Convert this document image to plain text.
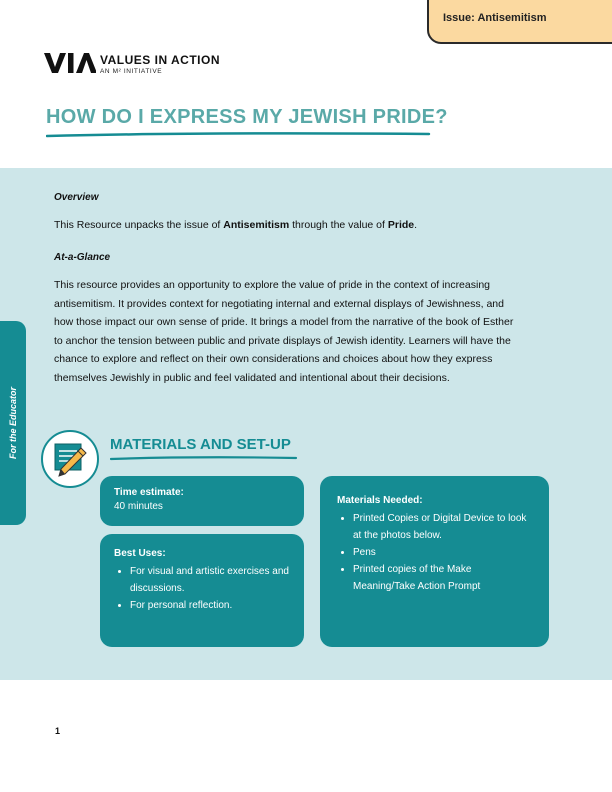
Issue: Antisemitism
VALUES IN ACTION
AN M² INITIATIVE
HOW DO I EXPRESS MY JEWISH PRIDE?
For the Educator
Overview
This Resource unpacks the issue of Antisemitism through the value of Pride.
At-a-Glance
This resource provides an opportunity to explore the value of pride in the context of increasing antisemitism. It provides context for negotiating internal and external displays of Jewishness, and how those impact our own sense of pride. It brings a model from the narrative of the book of Esther to anchor the tension between public and private displays of Jewish identity. Learners will have the chance to explore and reflect on their own considerations and choices about how they express themselves Jewishly in public and feel validated and intentional about their decisions.
MATERIALS AND SET-UP
Time estimate:
40 minutes
Best Uses:
• For visual and artistic exercises and discussions.
• For personal reflection.
Materials Needed:
• Printed Copies or Digital Device to look at the photos below.
• Pens
• Printed copies of the Make Meaning/Take Action Prompt
1
